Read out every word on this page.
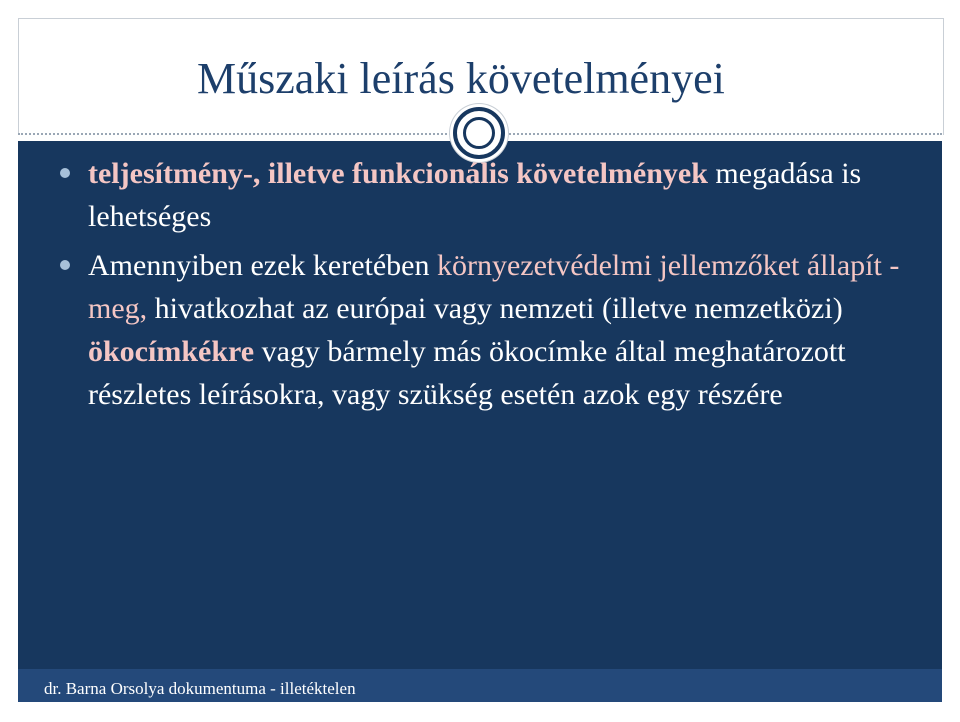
Műszaki leírás követelményei
teljesítmény-, illetve funkcionális követelmények megadása is lehetséges
Amennyiben ezek keretében környezetvédelmi jellemzőket állapít - meg, hivatkozhat az európai vagy nemzeti (illetve nemzetközi) ökocímkékre vagy bármely más ökocímke által meghatározott részletes leírásokra, vagy szükség esetén azok egy részére
dr. Barna Orsolya dokumentuma - illetéktelen felhasználás tilos!
